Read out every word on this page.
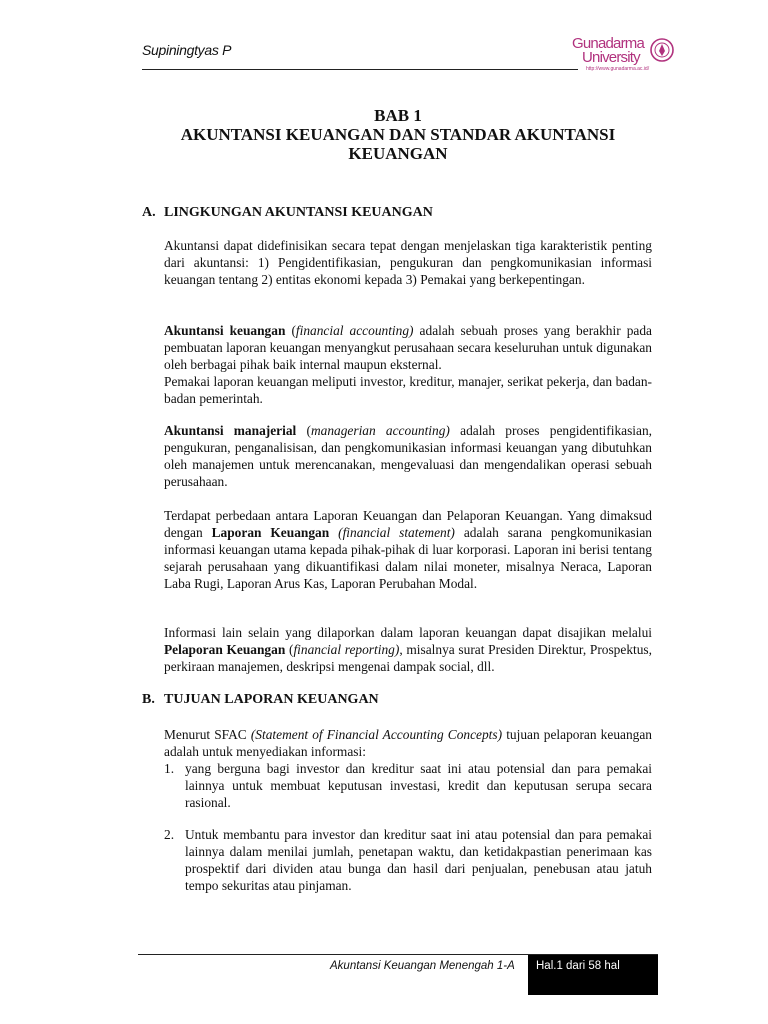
Supiningtyas P	Gunadarma
University
http://www.gunadarma.ac.id/
BAB 1
AKUNTANSI KEUANGAN DAN STANDAR AKUNTANSI
KEUANGAN
A. LINGKUNGAN AKUNTANSI KEUANGAN

Akuntansi dapat didefinisikan secara tepat dengan menjelaskan tiga karakteristik penting dari akuntansi: 1) Pengidentifikasian, pengukuran dan pengkomunikasian informasi keuangan tentang 2) entitas ekonomi kepada 3) Pemakai yang berkepentingan.

Akuntansi keuangan (financial accounting) adalah sebuah proses yang berakhir pada pembuatan laporan keuangan menyangkut perusahaan secara keseluruhan untuk digunakan oleh berbagai pihak baik internal maupun eksternal.
Pemakai laporan keuangan meliputi investor, kreditur, manajer, serikat pekerja, dan badan-badan pemerintah.

Akuntansi manajerial (managerian accounting) adalah proses pengidentifikasian, pengukuran, penganalisisan, dan pengkomunikasian informasi keuangan yang dibutuhkan oleh manajemen untuk merencanakan, mengevaluasi dan mengendalikan operasi sebuah perusahaan.

Terdapat perbedaan antara Laporan Keuangan dan Pelaporan Keuangan. Yang dimaksud dengan Laporan Keuangan (financial statement) adalah sarana pengkomunikasian informasi keuangan utama kepada pihak-pihak di luar korporasi. Laporan ini berisi tentang sejarah perusahaan yang dikuantifikasi dalam nilai moneter, misalnya Neraca, Laporan Laba Rugi, Laporan Arus Kas, Laporan Perubahan Modal.

Informasi lain selain yang dilaporkan dalam laporan keuangan dapat disajikan melalui Pelaporan Keuangan (financial reporting), misalnya surat Presiden Direktur, Prospektus, perkiraan manajemen, deskripsi mengenai dampak social, dll.

B. TUJUAN LAPORAN KEUANGAN

Menurut SFAC (Statement of Financial Accounting Concepts) tujuan pelaporan keuangan adalah untuk menyediakan informasi:

1. yang berguna bagi investor dan kreditur saat ini atau potensial dan para pemakai lainnya untuk membuat keputusan investasi, kredit dan keputusan serupa secara rasional.
2. Untuk membantu para investor dan kreditur saat ini atau potensial dan para pemakai lainnya dalam menilai jumlah, penetapan waktu, dan ketidakpastian penerimaan kas prospektif dari dividen atau bunga dan hasil dari penjualan, penebusan atau jatuh tempo sekuritas atau pinjaman.
Akuntansi Keuangan Menengah 1-A	Hal.1 dari 58 hal
